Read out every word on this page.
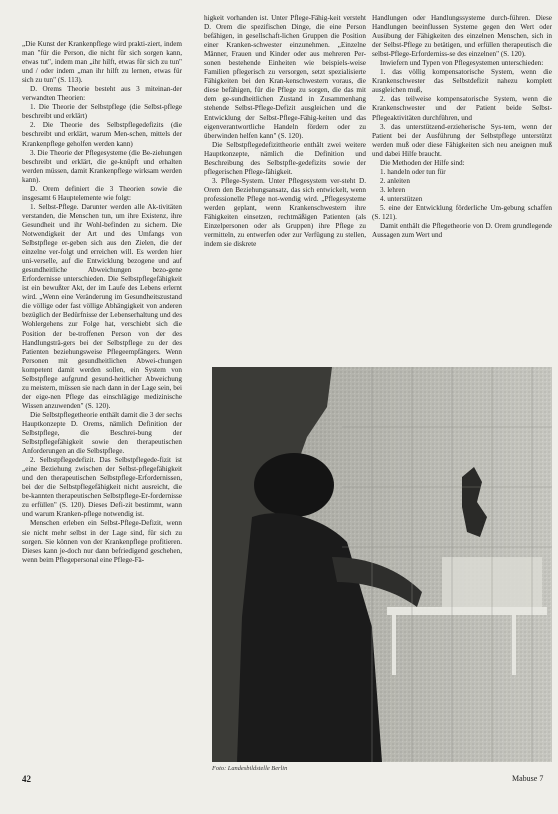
„Die Kunst der Krankenpflege wird prakti-ziert, indem man "für die Person, die nicht für sich sorgen kann, etwas tut", indem man „ihr hilft, etwas für sich zu tun" und / oder indem „man ihr hilft zu lernen, etwas für sich zu tun" (S. 113).

D. Orems Theorie besteht aus 3 miteinan-der verwandten Theorien:

1. Die Theorie der Selbstpflege (die Selbst-pflege beschreibt und erklärt)

2. Die Theorie des Selbstpflegedefizits (die beschreibt und erklärt, warum Men-schen, mittels der Krankenpflege geholfen werden kann)

3. Die Theorie der Pflegesysteme (die Be-ziehungen beschreibt und erklärt, die ge-knüpft und erhalten werden müssen, damit Krankenpflege wirksam werden kann).

D. Orem definiert die 3 Theorien sowie die insgesamt 6 Hauptelemente wie folgt:

1. Selbst-Pflege. Darunter werden alle Ak-tivitäten verstanden, die Menschen tun, um ihre Existenz, ihre Gesundheit und ihr Wohl-befinden zu sichern. Die Notwendigkeit der Art und des Umfangs von Selbstpflege er-geben sich aus den Zielen, die der einzelne ver-folgt und erreichen will. Es werden hier uni-verselle, auf die Entwicklung bezogene und auf gesundheitliche Abweichungen bezo-gene Erfordernisse unterschieden. Die Selbstpflegefähigkeit ist ein bewußter Akt, der im Laufe des Lebens erlernt wird. „Wenn eine Veränderung im Gesundheitszustand die völlige oder fast völlige Abhängigkeit von anderen bezüglich der Bedürfnisse der Lebenserhaltung und des Wohlergehens zur Folge hat, verschiebt sich die Position der be-troffenen Person von der des Handlungsträ-gers bei der Selbstpflege zu der des Patienten beziehungsweise Pflegeempfängers. Wenn Personen mit gesundheitlichen Abwei-chungen kompetent damit werden sollen, ein System von Selbstpflege aufgrund gesund-heitlicher Abweichung zu meistern, müssen sie nach dann in der Lage sein, bei der eige-nen Pflege das einschlägige medizinische Wissen anzuwenden" (S. 120).

Die Selbstpflegetheorie enthält damit die 3 der sechs Hauptkonzepte D. Orems, nämlich Definition der Selbstpflege, die Beschrei-bung der Selbstpflegefähigkeit sowie den therapeutischen Anforderungen an die Selbstpflege.

2. Selbstpflegedefizit. Das Selbstpflegede-fizit ist „eine Beziehung zwischen der Selbst-pflegefähigkeit und den therapeutischen Selbstpflege-Erfordernissen, bei der die Selbstpflegefähigkeit nicht ausreicht, die be-kannten therapeutischen Selbstpflege-Er-fordernisse zu erfüllen" (S. 120). Dieses Defi-zit bestimmt, wann und warum Kranken-pflege notwendig ist.

Menschen erleben ein Selbst-Pflege-Defizit, wenn sie nicht mehr selbst in der Lage sind, für sich zu sorgen. Sie können von der Krankenpflege profitieren. Dieses kann je-doch nur dann befriedigend geschehen, wenn beim Pflegepersonal eine Pflege-Fä-

higkeit vorhanden ist. Unter Pflege-Fähig-keit versteht D. Orem die spezifischen Dinge, die eine Person befähigen, in gesellschaft-lichen Gruppen die Position einer Kranken-schwester einzunehmen. „Einzelne Männer, Frauen und Kinder oder aus mehreren Per-sonen bestehende Einheiten wie beispiels-weise Familien pflegerisch zu versorgen, setzt spezialisierte Fähigkeiten bei den Kran-kenschwestern voraus, die diese befähigen, für die Pflege zu sorgen, die das mit dem ge-sundheitlichen Zustand in Zusammenhang stehende Selbst-Pflege-Defizit ausgleichen und die Entwicklung der Selbst-Pflege-Fähig-keiten und das eigenverantwortliche Handeln fördern oder zu überwinden helfen kann" (S. 120).

Die Selbstpflegedefizittheorie enthält zwei weitere Hauptkonzepte, nämlich die Definition und Beschreibung des Selbstpfle-gedefizits sowie der pflegerischen Pflege-fähigkeit.

3. Pflege-System. Unter Pflegesystem ver-steht D. Orem den Beziehungsansatz, das sich entwickelt, wenn professionelle Pflege not-wendig wird. „Pflegesysteme werden geplant, wenn Krankenschwestern ihre Fähigkeiten einsetzen, rechtmäßigen Patienten (als Einzelpersonen oder als Gruppen) ihre Pflege zu vermitteln, zu entwerfen oder zur Verfügung zu stellen, indem sie diskrete

Handlungen oder Handlungssysteme durch-führen. Diese Handlungen beeinflussen Systeme gegen den Wert oder Ausübung der Fähigkeiten des einzelnen Menschen, sich in der Selbst-Pflege zu betätigen, und erfüllen therapeutisch die selbst-Pflege-Erforderniss-se des einzelnen" (S. 120).

Inwiefern und Typen von Pflegesystemen unterschieden:

1. das völlig kompensatorische System, wenn die Krankenschwester das Selbstdefizit nahezu komplett ausgleichen muß,

2. das teilweise kompensatorische System, wenn die Krankenschwester und der Patient beide Selbst-Pflegeaktivitäten durchführen, und

3. das unterstützend-erzieherische Sys-tem, wenn der Patient bei der Ausführung der Selbstpflege unterstützt werden muß oder diese Fähigkeiten sich neu aneignen muß und dabei Hilfe braucht.

Die Methoden der Hilfe sind:

1. handeln oder tun für

2. anleiten

3. lehren

4. unterstützen

5. eine der Entwicklung förderliche Um-gebung schaffen (S. 121).

Damit enthält die Pflegetheorie von D. Orem grundlegende Aussagen zum Wert und

Foto: Landesbildstelle Berlin
42	Mabuse 7
